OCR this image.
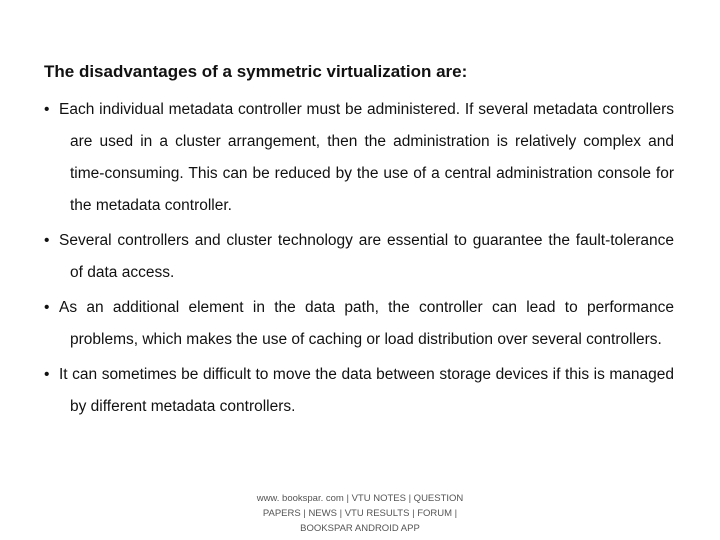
The disadvantages of a symmetric virtualization are:
• Each individual metadata controller must be administered. If several metadata controllers are used in a cluster arrangement, then the administration is relatively complex and time-consuming. This can be reduced by the use of a central administration console for the metadata controller.
• Several controllers and cluster technology are essential to guarantee the fault-tolerance of data access.
• As an additional element in the data path, the controller can lead to performance problems, which makes the use of caching or load distribution over several controllers.
• It can sometimes be difficult to move the data between storage devices if this is managed by different metadata controllers.
www. bookspar. com | VTU NOTES | QUESTION PAPERS | NEWS | VTU RESULTS | FORUM | BOOKSPAR ANDROID APP
